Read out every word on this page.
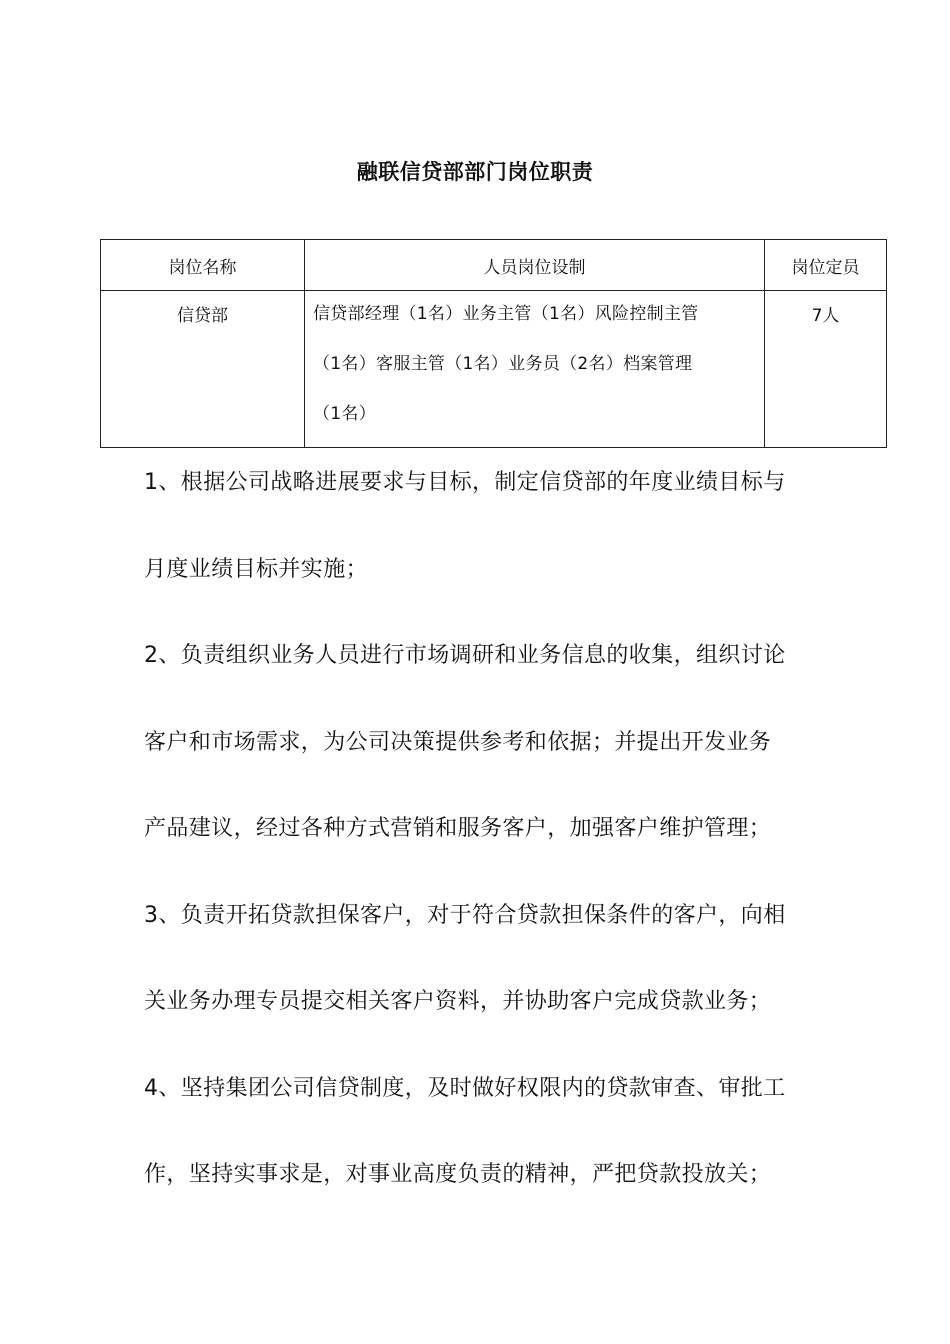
融联信贷部部门岗位职责
岗位名称	人员岗位设制	岗位定员

信贷部	信贷部经理（1名）业务主管（1名）风险控制主管
（1名）客服主管（1名）业务员（2名）档案管理
（1名）	7人

1、根据公司战略进展要求与目标，制定信贷部的年度业绩目标与

月度业绩目标并实施；

2、负责组织业务人员进行市场调研和业务信息的收集，组织讨论

客户和市场需求，为公司决策提供参考和依据；并提出开发业务

产品建议，经过各种方式营销和服务客户，加强客户维护管理；

3、负责开拓贷款担保客户，对于符合贷款担保条件的客户，向相

关业务办理专员提交相关客户资料，并协助客户完成贷款业务；

4、坚持集团公司信贷制度，及时做好权限内的贷款审查、审批工

作，坚持实事求是，对事业高度负责的精神，严把贷款投放关；
